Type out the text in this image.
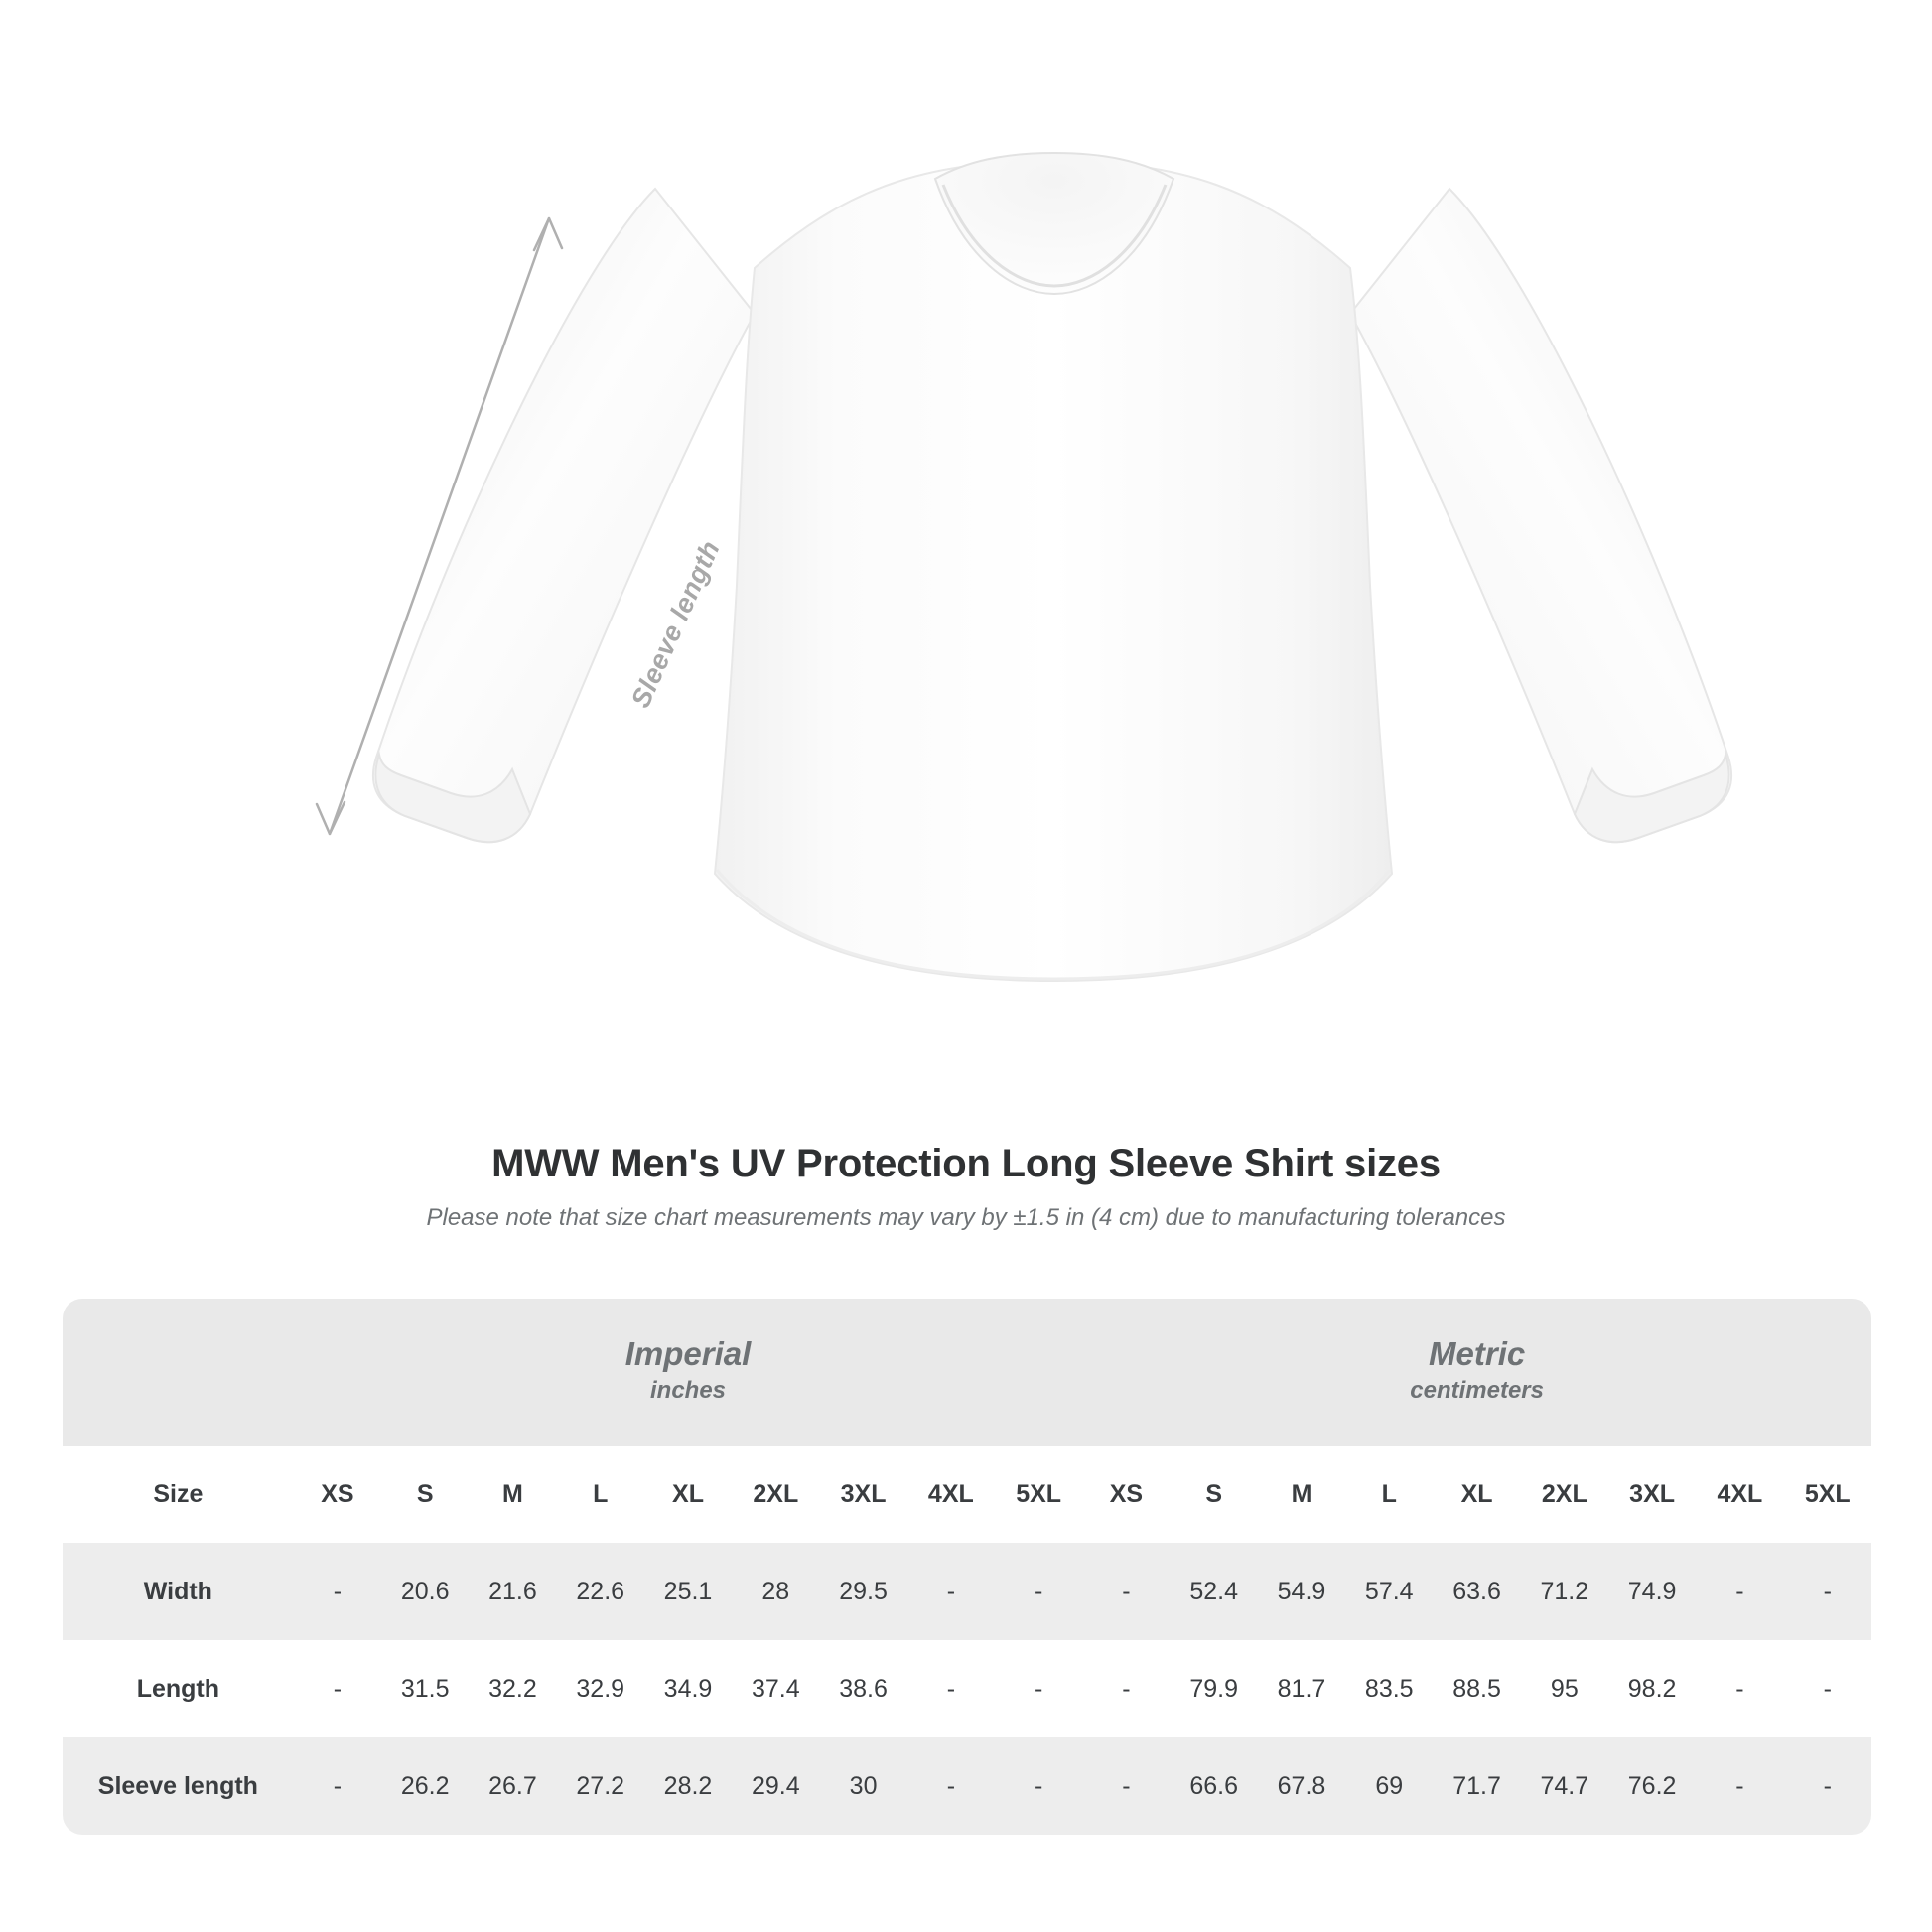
Sleeve length
MWW Men's UV Protection Long Sleeve Shirt sizes

Please note that size chart measurements may vary by ±1.5 in (4 cm) due to manufacturing tolerances

Imperial
inches

Metric
centimeters

Size	XS	S	M	L	XL	2XL	3XL	4XL	5XL	XS	S	M	L	XL	2XL	3XL	4XL	5XL
Width	-	20.6	21.6	22.6	25.1	28	29.5	-	-	-	52.4	54.9	57.4	63.6	71.2	74.9	-	-
Length	-	31.5	32.2	32.9	34.9	37.4	38.6	-	-	-	79.9	81.7	83.5	88.5	95	98.2	-	-
Sleeve length	-	26.2	26.7	27.2	28.2	29.4	30	-	-	-	66.6	67.8	69	71.7	74.7	76.2	-	-
